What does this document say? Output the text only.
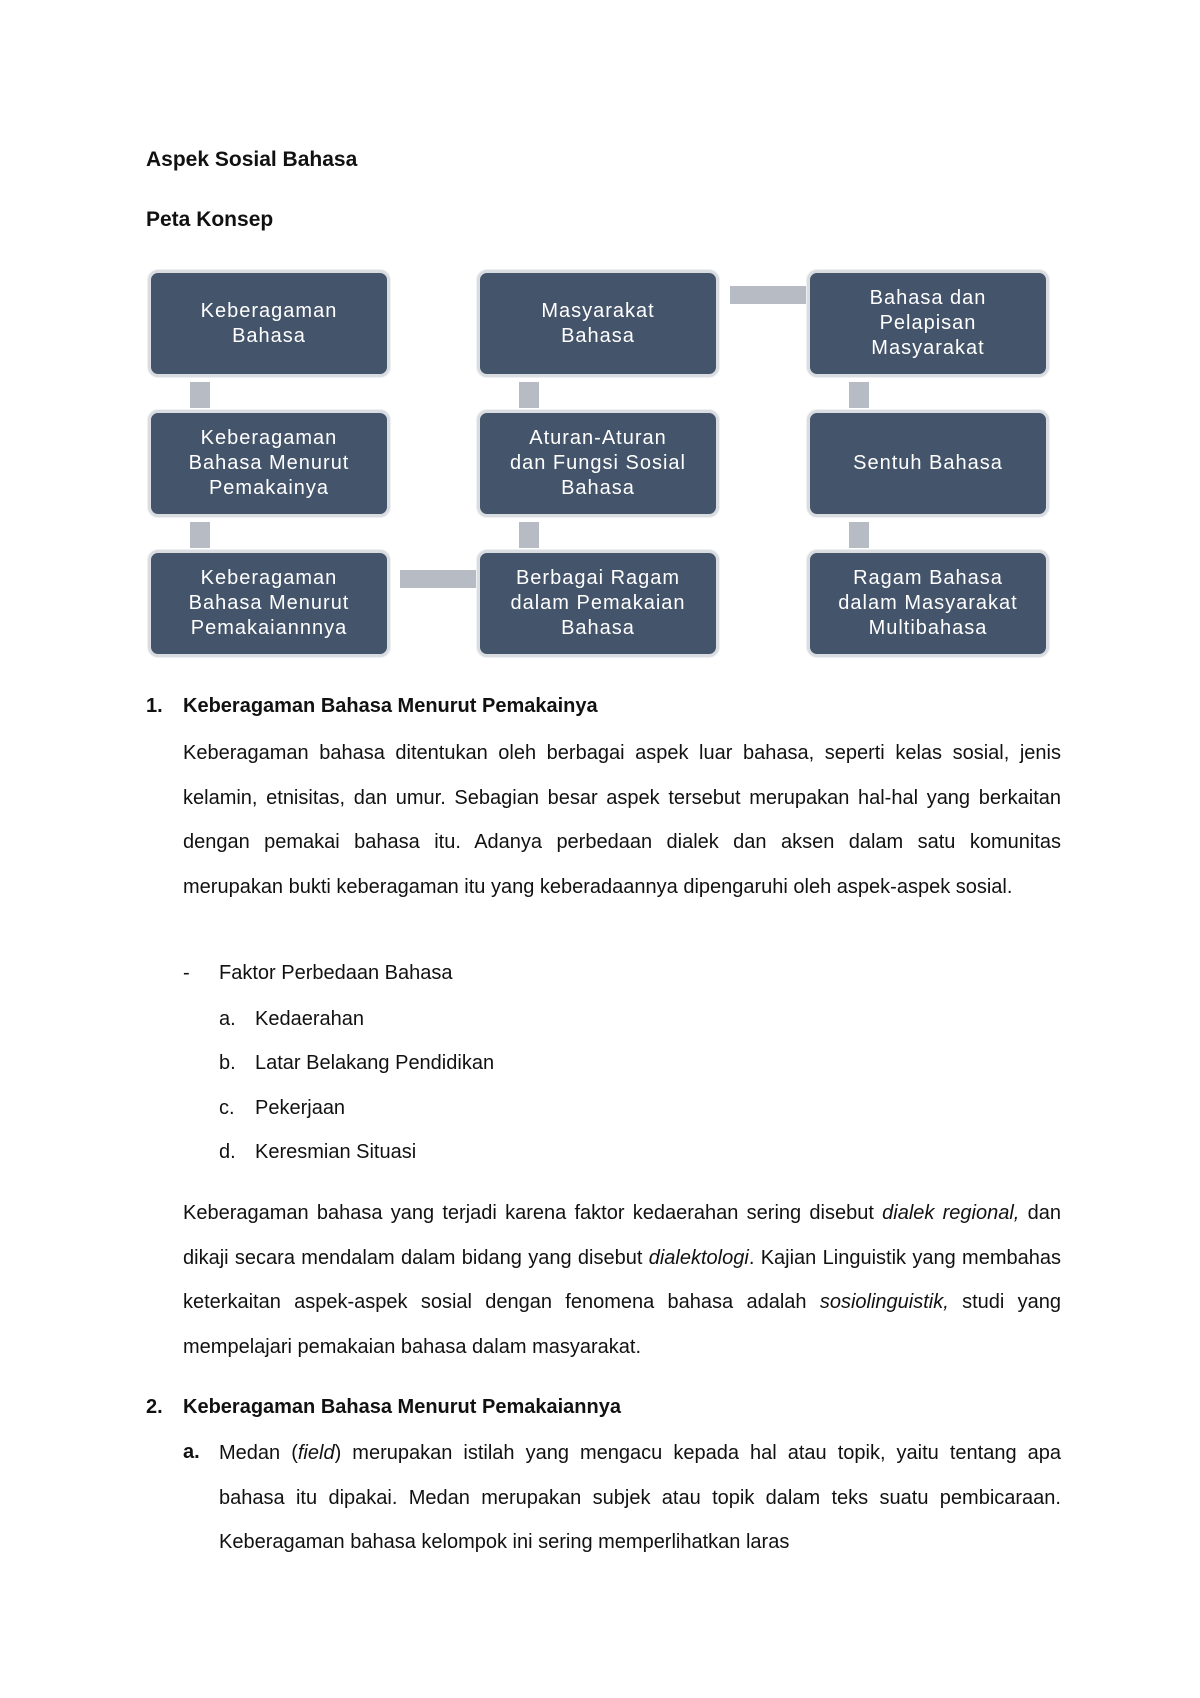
Aspek Sosial Bahasa
Peta Konsep
Keberagaman
Bahasa
Masyarakat
Bahasa
Bahasa dan
Pelapisan
Masyarakat
Keberagaman
Bahasa Menurut
Pemakainya
Aturan-Aturan
dan Fungsi Sosial
Bahasa
Sentuh Bahasa
Keberagaman
Bahasa Menurut
Pemakaiannnya
Berbagai Ragam
dalam Pemakaian
Bahasa
Ragam Bahasa
dalam Masyarakat
Multibahasa
1. Keberagaman Bahasa Menurut Pemakainya
Keberagaman bahasa ditentukan oleh berbagai aspek luar bahasa, seperti kelas sosial, jenis kelamin, etnisitas, dan umur. Sebagian besar aspek tersebut merupakan hal-hal yang berkaitan dengan pemakai bahasa itu. Adanya perbedaan dialek dan aksen dalam satu komunitas merupakan bukti keberagaman itu yang keberadaannya dipengaruhi oleh aspek-aspek sosial.
- Faktor Perbedaan Bahasa
a. Kedaerahan
b. Latar Belakang Pendidikan
c. Pekerjaan
d. Keresmian Situasi
Keberagaman bahasa yang terjadi karena faktor kedaerahan sering disebut dialek regional, dan dikaji secara mendalam dalam bidang yang disebut dialektologi. Kajian Linguistik yang membahas keterkaitan aspek-aspek sosial dengan fenomena bahasa adalah sosiolinguistik, studi yang mempelajari pemakaian bahasa dalam masyarakat.
2. Keberagaman Bahasa Menurut Pemakaiannya
a. Medan (field) merupakan istilah yang mengacu kepada hal atau topik, yaitu tentang apa bahasa itu dipakai. Medan merupakan subjek atau topik dalam teks suatu pembicaraan. Keberagaman bahasa kelompok ini sering memperlihatkan laras
